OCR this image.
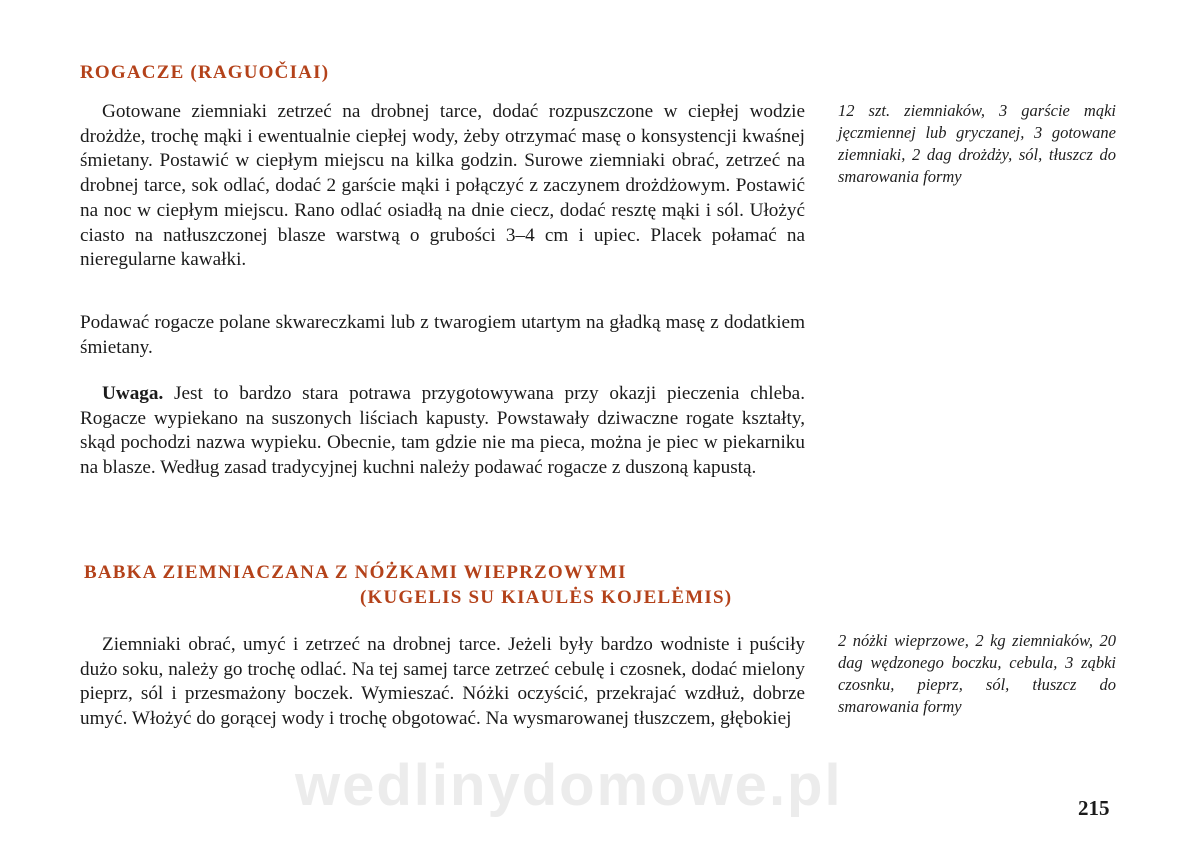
ROGACZE (RAGUOČIAI)

Gotowane ziemniaki zetrzeć na drobnej tarce, dodać rozpuszczone w ciepłej wodzie drożdże, trochę mąki i ewentualnie ciepłej wody, żeby otrzymać masę o konsystencji kwaśnej śmietany. Postawić w ciepłym miejscu na kilka godzin. Surowe ziemniaki obrać, zetrzeć na drobnej tarce, sok odlać, dodać 2 garście mąki i połączyć z zaczynem drożdżowym. Postawić na noc w ciepłym miejscu. Rano odlać osiadłą na dnie ciecz, dodać resztę mąki i sól. Ułożyć ciasto na natłuszczonej blasze warstwą o grubości 3–4 cm i upiec. Placek połamać na nieregularne kawałki.

Podawać rogacze polane skwareczkami lub z twarogiem utartym na gładką masę z dodatkiem śmietany.

Uwaga. Jest to bardzo stara potrawa przygotowywana przy okazji pieczenia chleba. Rogacze wypiekano na suszonych liściach kapusty. Powstawały dziwaczne rogate kształty, skąd pochodzi nazwa wypieku. Obecnie, tam gdzie nie ma pieca, można je piec w piekarniku na blasze. Według zasad tradycyjnej kuchni należy podawać rogacze z duszoną kapustą.

12 szt. ziemniaków, 3 garście mąki jęczmiennej lub gryczanej, 3 gotowane ziemniaki, 2 dag drożdży, sól, tłuszcz do smarowania formy

BABKA ZIEMNIACZANA Z NÓŻKAMI WIEPRZOWYMI
(KUGELIS SU KIAULĖS KOJELĖMIS)

Ziemniaki obrać, umyć i zetrzeć na drobnej tarce. Jeżeli były bardzo wodniste i puściły dużo soku, należy go trochę odlać. Na tej samej tarce zetrzeć cebulę i czosnek, dodać mielony pieprz, sól i przesmażony boczek. Wymieszać. Nóżki oczyścić, przekrajać wzdłuż, dobrze umyć. Włożyć do gorącej wody i trochę obgotować. Na wysmarowanej tłuszczem, głębokiej

2 nóżki wieprzowe, 2 kg ziemniaków, 20 dag wędzonego boczku, cebula, 3 ząbki czosnku, pieprz, sól, tłuszcz do smarowania formy

wedlinydomowe.pl	215
